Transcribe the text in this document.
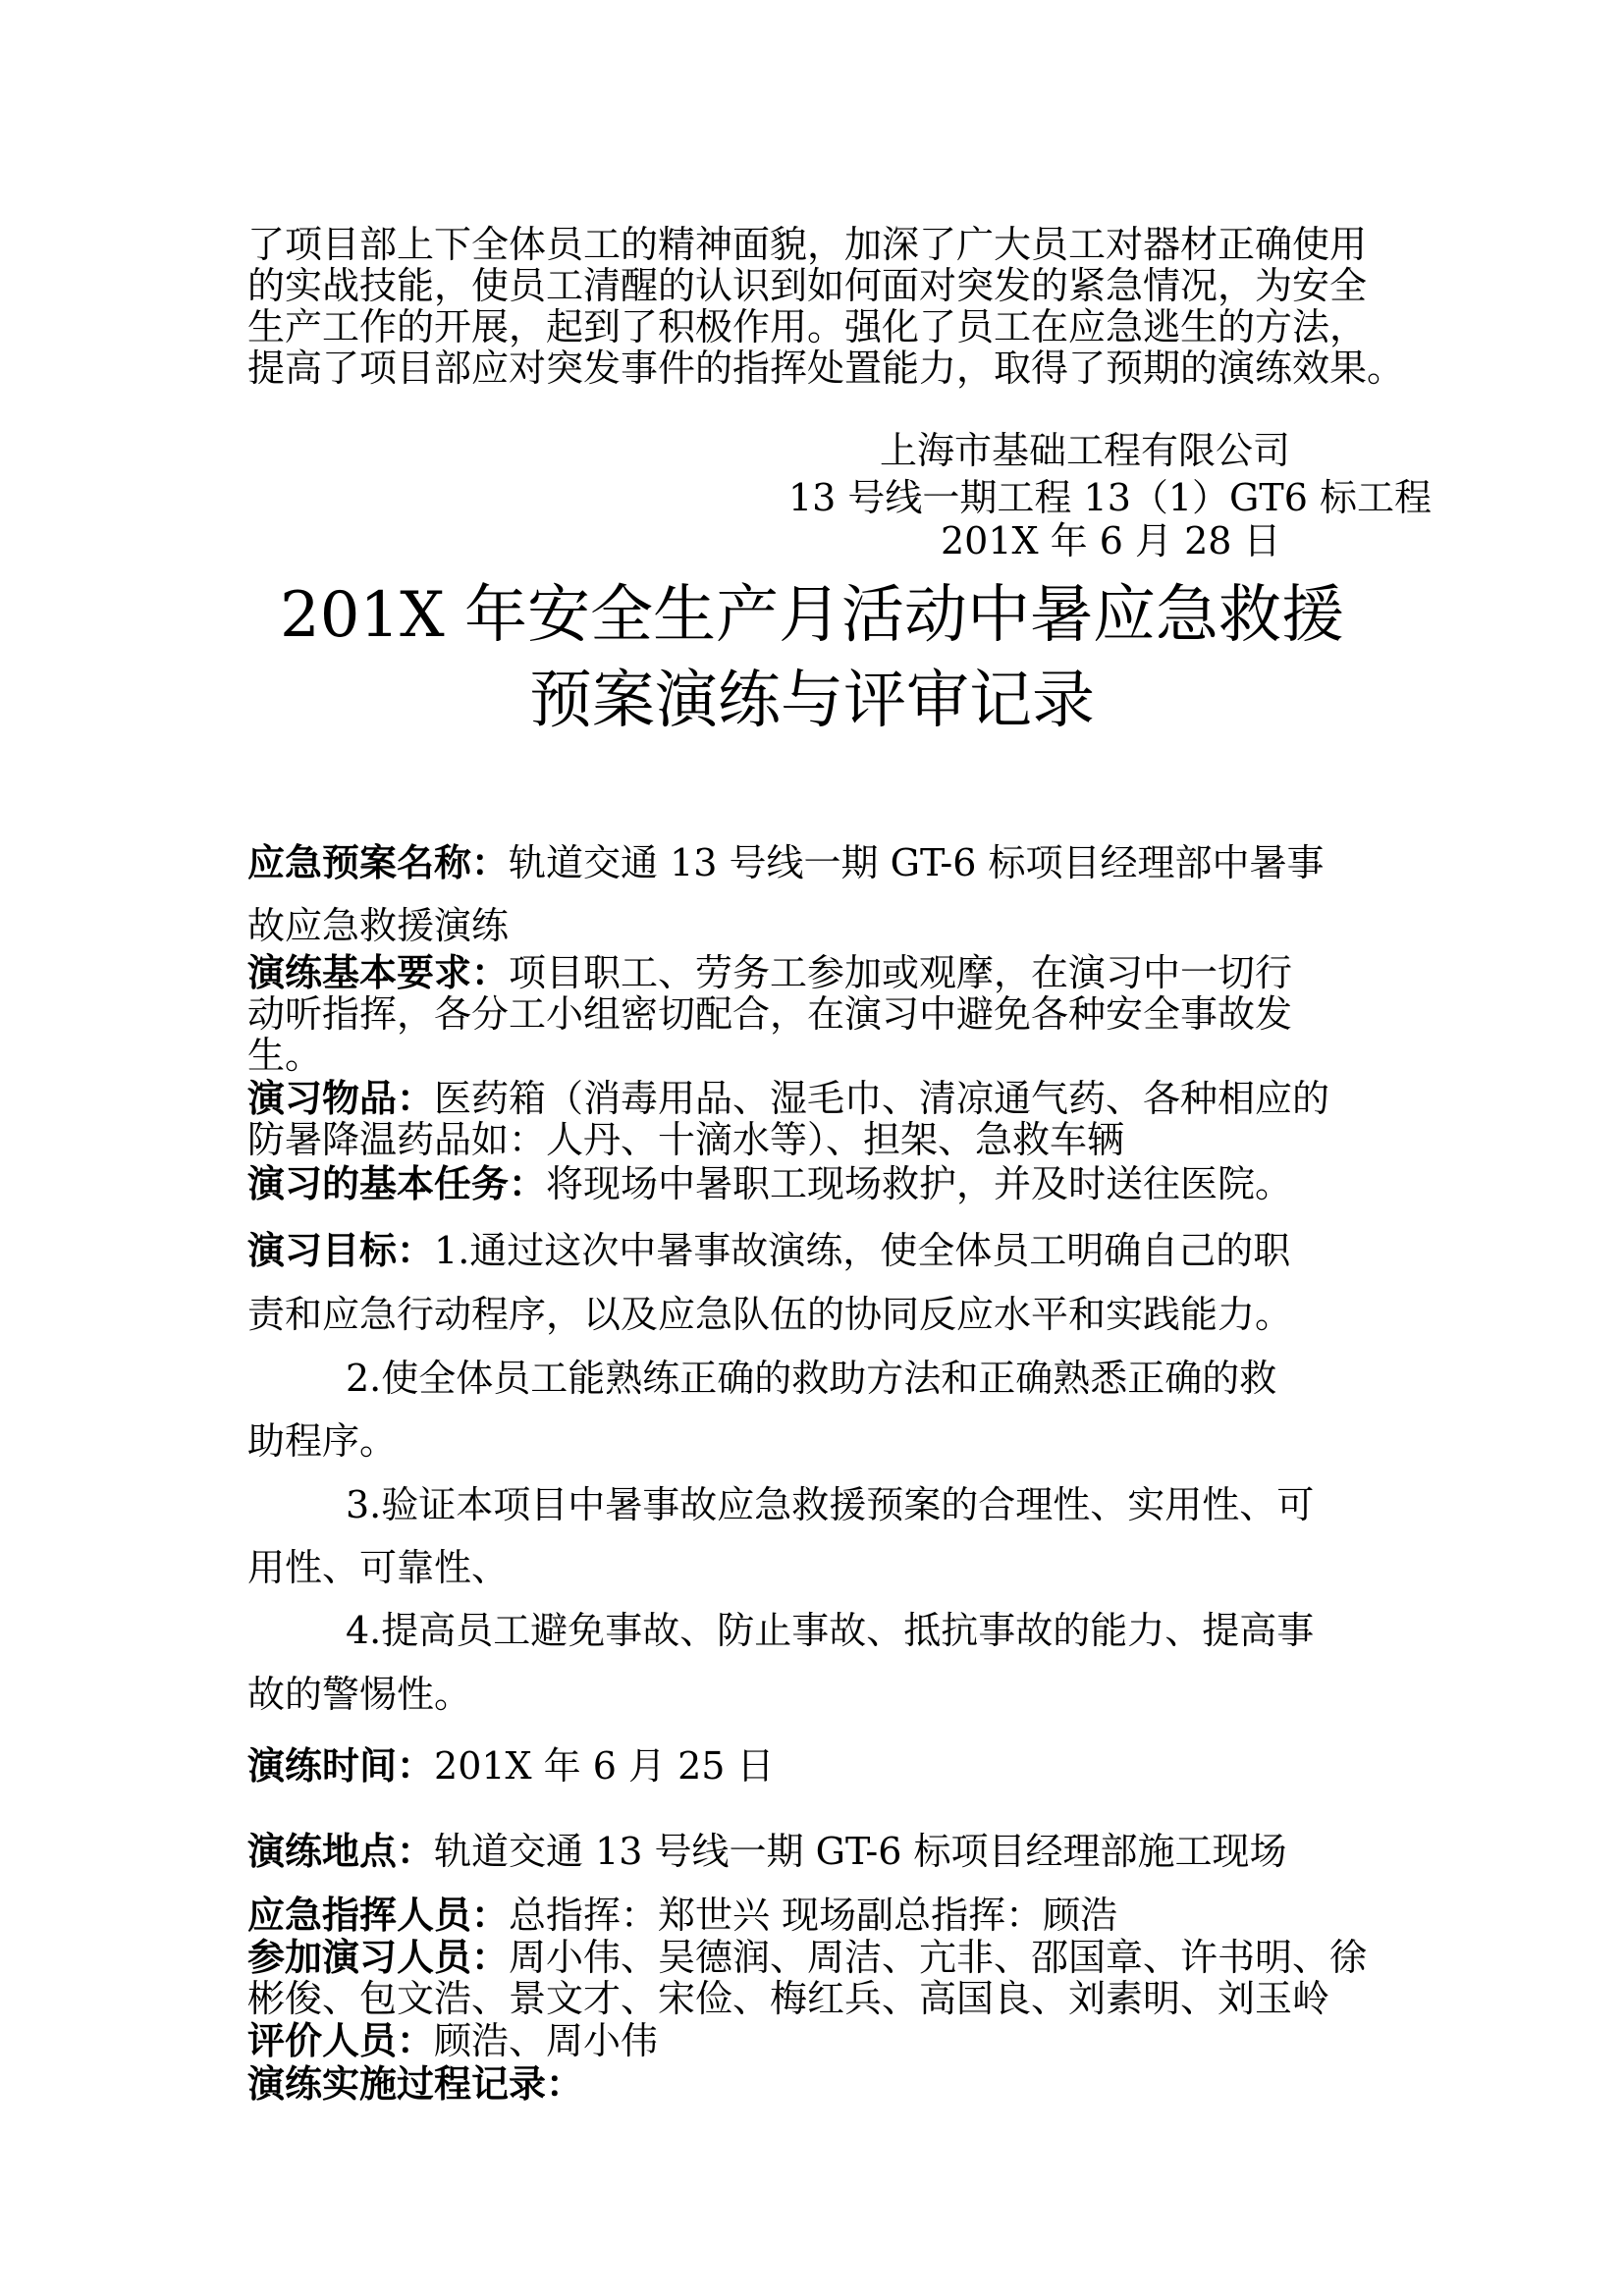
了项目部上下全体员工的精神面貌，加深了广大员工对器材正确使用
的实战技能，使员工清醒的认识到如何面对突发的紧急情况，为安全
生产工作的开展，起到了积极作用。强化了员工在应急逃生的方法，
提高了项目部应对突发事件的指挥处置能力，取得了预期的演练效果。
上海市基础工程有限公司
13 号线一期工程 13（1）GT6 标工程
201X 年 6 月 28 日
201X 年安全生产月活动中暑应急救援
预案演练与评审记录
应急预案名称：轨道交通 13 号线一期 GT-6 标项目经理部中暑事
故应急救援演练
演练基本要求：项目职工、劳务工参加或观摩，在演习中一切行
动听指挥，各分工小组密切配合，在演习中避免各种安全事故发
生。
演习物品：医药箱（消毒用品、湿毛巾、清凉通气药、各种相应的
防暑降温药品如：人丹、十滴水等）、担架、急救车辆
演习的基本任务：将现场中暑职工现场救护，并及时送往医院。
演习目标：1.通过这次中暑事故演练，使全体员工明确自己的职
责和应急行动程序，以及应急队伍的协同反应水平和实践能力。
2.使全体员工能熟练正确的救助方法和正确熟悉正确的救
助程序。
3.验证本项目中暑事故应急救援预案的合理性、实用性、可
用性、可靠性、
4.提高员工避免事故、防止事故、抵抗事故的能力、提高事
故的警惕性。
演练时间：201X 年 6 月 25 日
演练地点：轨道交通 13 号线一期 GT-6 标项目经理部施工现场
应急指挥人员：总指挥：郑世兴 现场副总指挥：顾浩
参加演习人员：周小伟、吴德润、周洁、亢非、邵国章、许书明、徐
彬俊、包文浩、景文才、宋俭、梅红兵、高国良、刘素明、刘玉岭
评价人员：顾浩、周小伟
演练实施过程记录：
